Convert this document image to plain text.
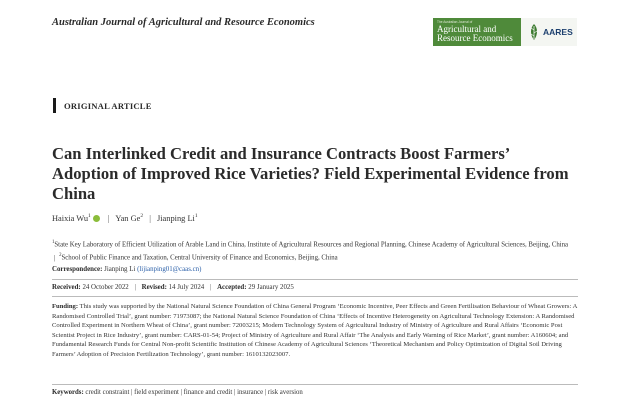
Australian Journal of Agricultural and Resource Economics	The Australian Journal of
Agricultural and
Resource Economics
AARES
ORIGINAL ARTICLE
Can Interlinked Credit and Insurance Contracts Boost Farmers’ Adoption of Improved Rice Varieties? Field Experimental Evidence from China
Haixia Wu$^1$ | Yan Ge$^2$ | Jianping Li$^1$
$^1$State Key Laboratory of Efficient Utilization of Arable Land in China, Institute of Agricultural Resources and Regional Planning, Chinese Academy of Agricultural Sciences, Beijing, China | $^2$School of Public Finance and Taxation, Central University of Finance and Economics, Beijing, China
Correspondence: Jianping Li (lijianping01@caas.cn)
Received: 24 October 2022 | Revised: 14 July 2024 | Accepted: 29 January 2025
Funding: This study was supported by the National Natural Science Foundation of China General Program ‘Economic Incentive, Peer Effects and Green Fertilisation Behaviour of Wheat Growers: A Randomised Controlled Trial’, grant number: 71973087; the National Natural Science Foundation of China ‘Effects of Incentive Heterogeneity on Agricultural Technology Extension: A Randomised Controlled Experiment in Northern Wheat of China’, grant number: 72003215; Modern Technology System of Agricultural Industry of Ministry of Agriculture and Rural Affairs ‘Economic Post Scientist Project in Rice Industry’, grant number: CARS-01-54; Project of Ministry of Agriculture and Rural Affair ‘The Analysis and Early Warning of Rice Market’, grant number: A160604; and Fundamental Research Funds for Central Non-profit Scientific Institution of Chinese Academy of Agricultural Sciences ‘Theoretical Mechanism and Policy Optimization of Digital Soil Driving Farmers’ Adoption of Precision Fertilization Technology’, grant number: 1610132023007.
Keywords: credit constraint | field experiment | finance and credit | insurance | risk aversion
